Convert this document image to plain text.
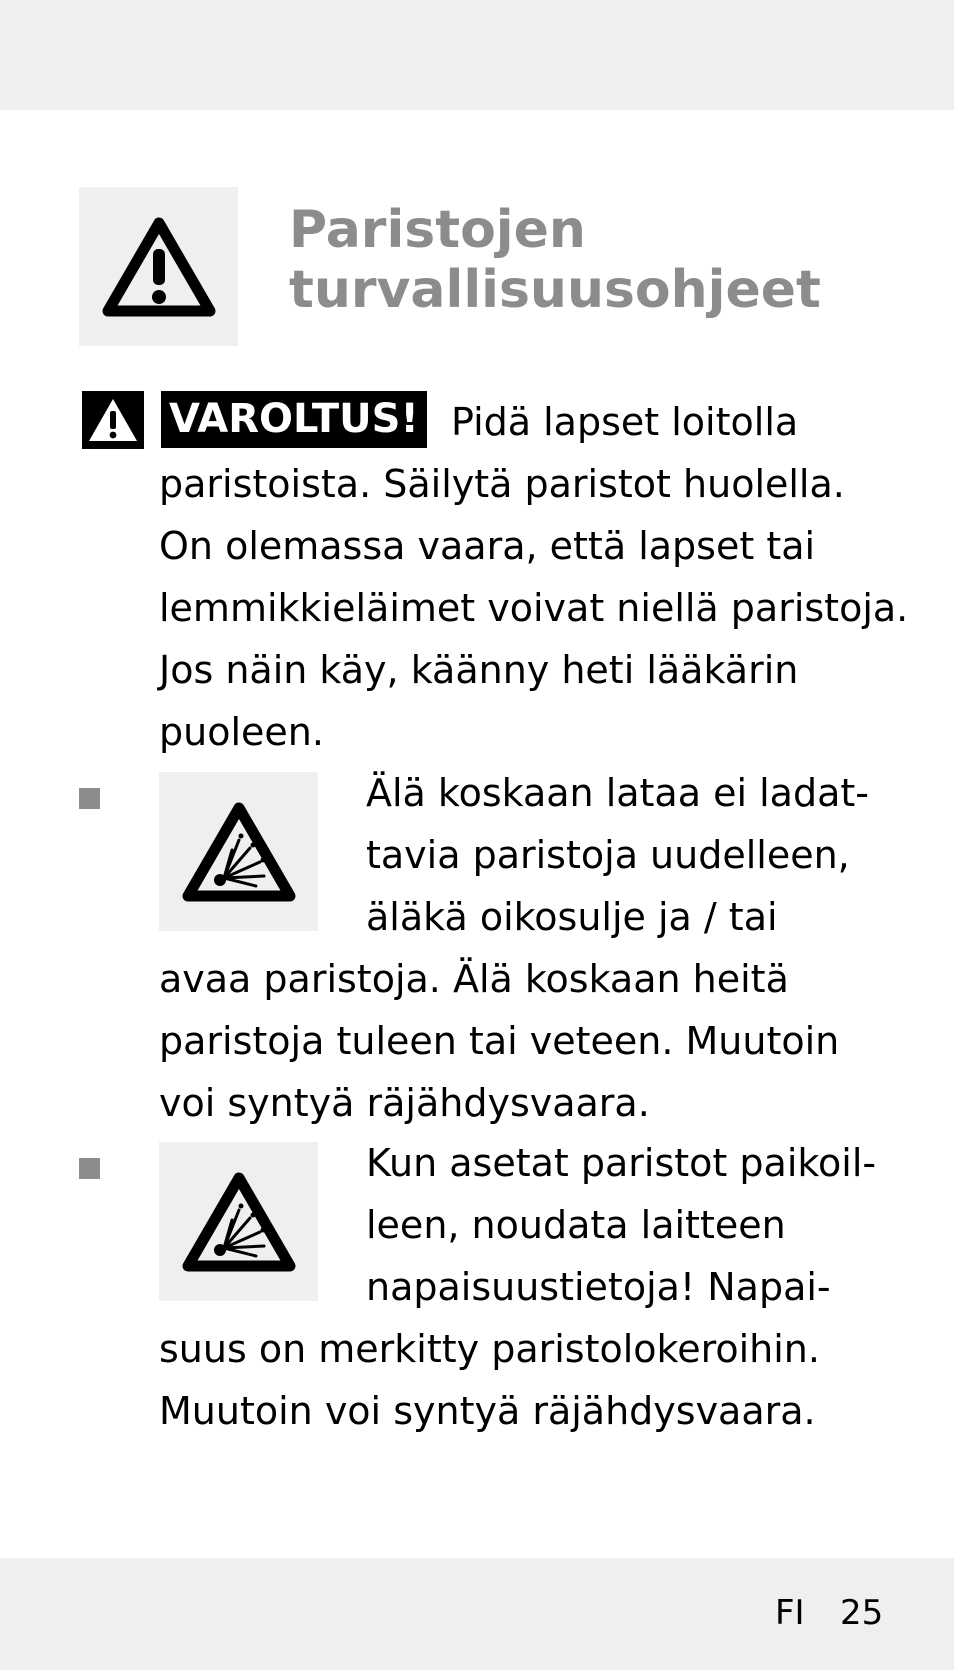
Paristojen
turvallisuusohjeet
VAROLTUS! Pidä lapset loitolla
paristoista. Säilytä paristot huolella.
On olemassa vaara, että lapset tai
lemmikkieläimet voivat niellä paristoja.
Jos näin käy, käänny heti lääkärin
puoleen.
Älä koskaan lataa ei ladat-
tavia paristoja uudelleen,
äläkä oikosulje ja / tai
avaa paristoja. Älä koskaan heitä
paristoja tuleen tai veteen. Muutoin
voi syntyä räjähdysvaara.
Kun asetat paristot paikoil-
leen, noudata laitteen
napaisuustietoja! Napai-
suus on merkitty paristolokeroihin.
Muutoin voi syntyä räjähdysvaara.
FI 25
